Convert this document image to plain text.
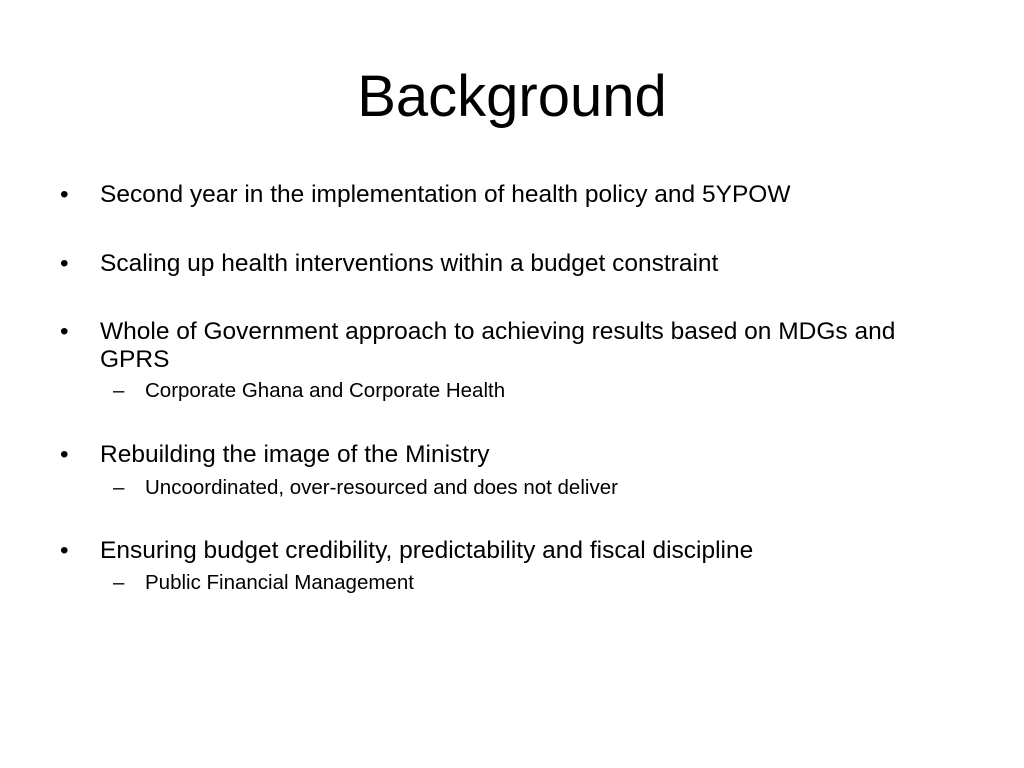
Background
•	Second year in the implementation of health policy and 5YPOW
•	Scaling up health interventions within a budget constraint
•	Whole of Government approach to achieving results based on MDGs and GPRS
–	Corporate Ghana and Corporate Health
•	Rebuilding the image of the Ministry
–	Uncoordinated, over-resourced and does not deliver
•	Ensuring budget credibility, predictability and fiscal discipline
–	Public Financial Management
